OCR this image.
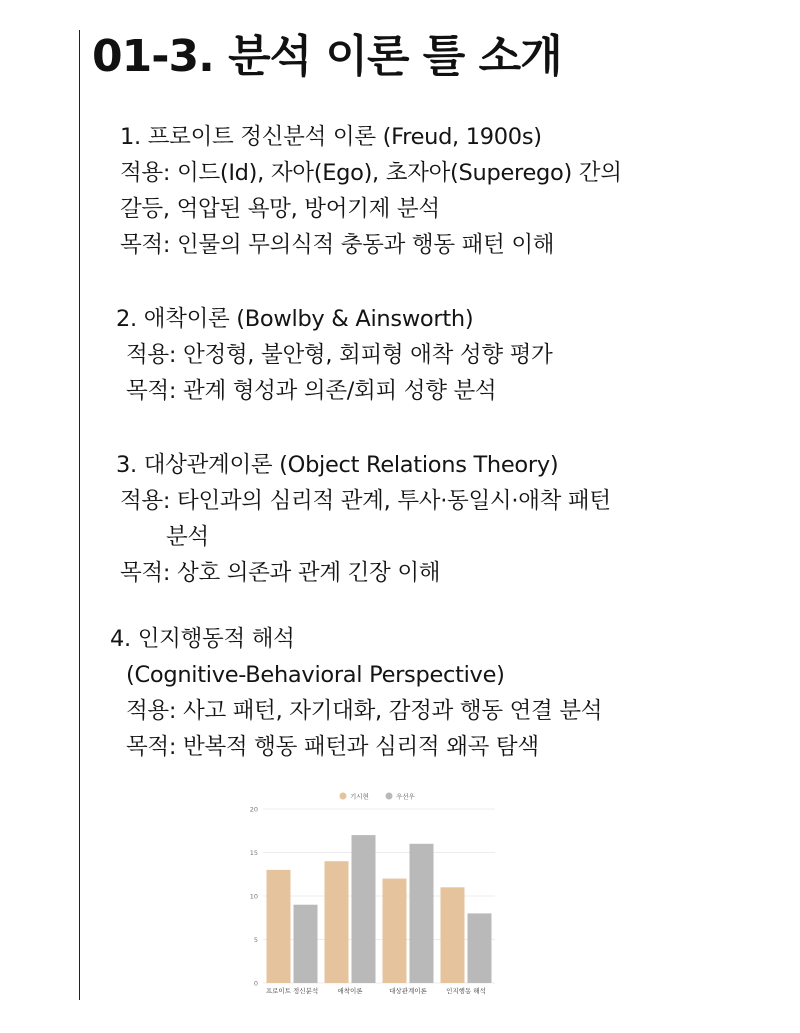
01-3. 분석 이론 틀 소개

1. 프로이트 정신분석 이론 (Freud, 1900s)

적용: 이드(Id), 자아(Ego), 초자아(Superego) 간의

갈등, 억압된 욕망, 방어기제 분석

목적: 인물의 무의식적 충동과 행동 패턴 이해

2. 애착이론 (Bowlby & Ainsworth)

적용: 안정형, 불안형, 회피형 애착 성향 평가

목적: 관계 형성과 의존/회피 성향 분석

3. 대상관계이론 (Object Relations Theory)

적용: 타인과의 심리적 관계, 투사·동일시·애착 패턴

분석

목적: 상호 의존과 관계 긴장 이해

4. 인지행동적 해석

(Cognitive-Behavioral Perspective)

적용: 사고 패턴, 자기대화, 감정과 행동 연결 분석

목적: 반복적 행동 패턴과 심리적 왜곡 탐색

0
5
10
15
20
프로이트 정신분석	애착이론	대상관계이론	인지행동 해석
기시현	우선우
